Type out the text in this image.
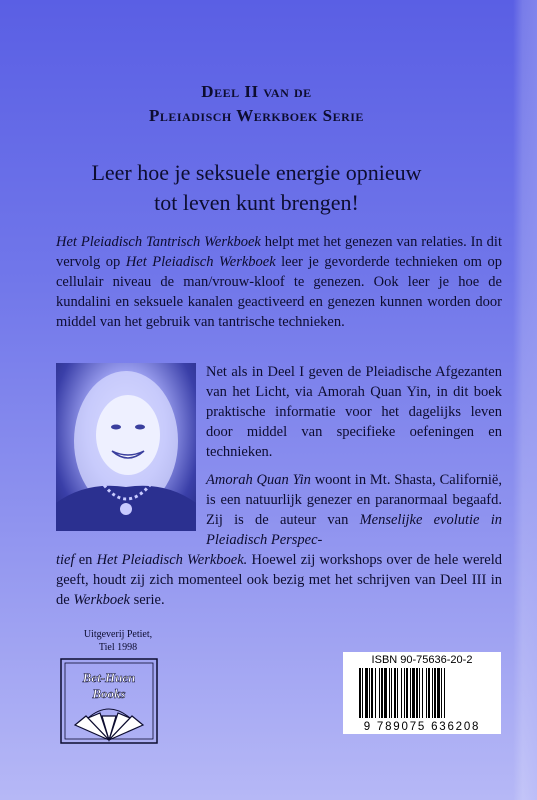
Deel II van de
Pleiadisch Werkboek Serie
Leer hoe je seksuele energie opnieuw
tot leven kunt brengen!
Het Pleiadisch Tantrisch Werkboek helpt met het genezen van relaties. In dit vervolg op Het Pleiadisch Werkboek leer je gevorderde technieken om op cellulair niveau de man/vrouw-kloof te genezen. Ook leer je hoe de kundalini en seksuele kanalen geactiveerd en genezen kunnen worden door middel van het gebruik van tantrische technieken.
Net als in Deel I geven de Pleiadische Afgezanten van het Licht, via Amorah Quan Yin, in dit boek praktische informatie voor het dagelijks leven door middel van specifieke oefeningen en technieken.
Amorah Quan Yin woont in Mt. Shasta, Californië, is een natuurlijk genezer en paranormaal begaafd. Zij is de auteur van Menselijke evolutie in Pleiadisch Perspec-
tief en Het Pleiadisch Werkboek. Hoewel zij workshops over de hele wereld geeft, houdt zij zich momenteel ook bezig met het schrijven van Deel III in de Werkboek serie.
Uitgeverij Petiet,
Tiel 1998
Bet-Huen
Books
ISBN 90-75636-20-2
9 789075 636208
